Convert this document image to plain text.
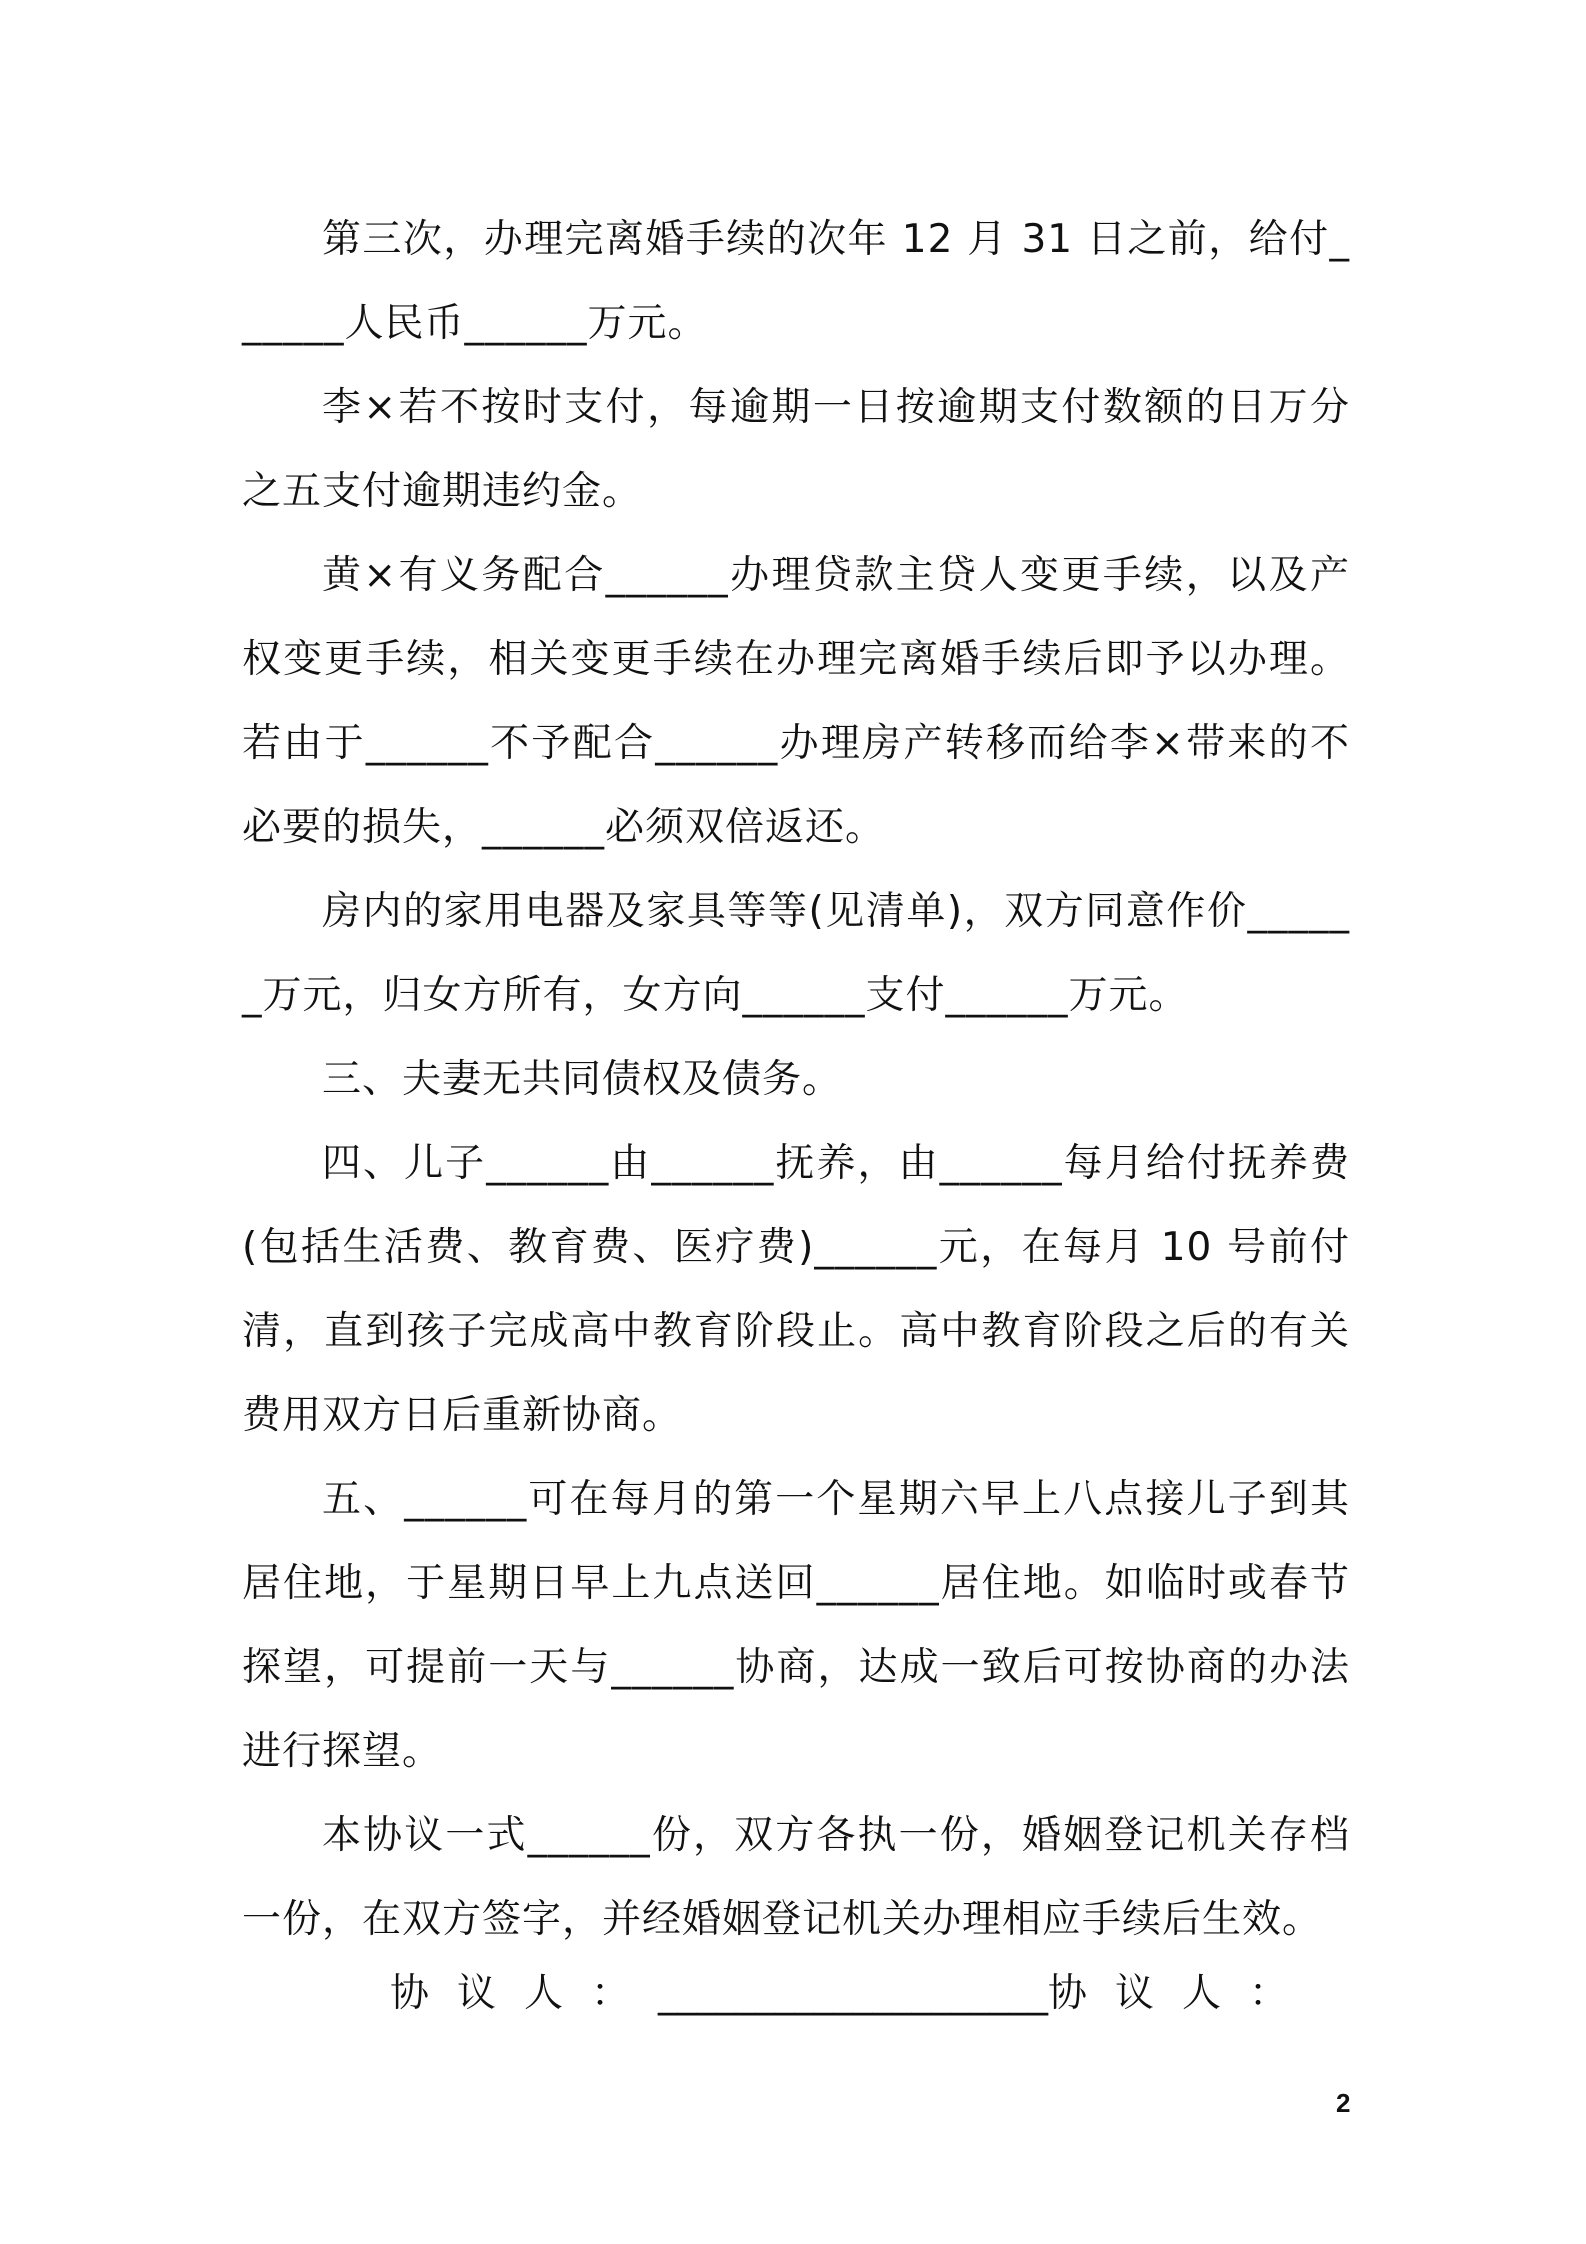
第三次，办理完离婚手续的次年 12 月 31 日之前，给付______人民币______万元。

李×若不按时支付，每逾期一日按逾期支付数额的日万分之五支付逾期违约金。

黄×有义务配合______办理贷款主贷人变更手续，以及产权变更手续，相关变更手续在办理完离婚手续后即予以办理。若由于______不予配合______办理房产转移而给李×带来的不必要的损失，______必须双倍返还。

房内的家用电器及家具等等(见清单)，双方同意作价______万元，归女方所有，女方向______支付______万元。

三、夫妻无共同债权及债务。

四、儿子______由______抚养，由______每月给付抚养费(包括生活费、教育费、医疗费)______元，在每月 10 号前付清，直到孩子完成高中教育阶段止。高中教育阶段之后的有关费用双方日后重新协商。

五、______可在每月的第一个星期六早上八点接儿子到其居住地，于星期日早上九点送回______居住地。如临时或春节探望，可提前一天与______协商，达成一致后可按协商的办法进行探望。

本协议一式______份，双方各执一份，婚姻登记机关存档一份，在双方签字，并经婚姻登记机关办理相应手续后生效。

协议人：____________________协议人：
2
